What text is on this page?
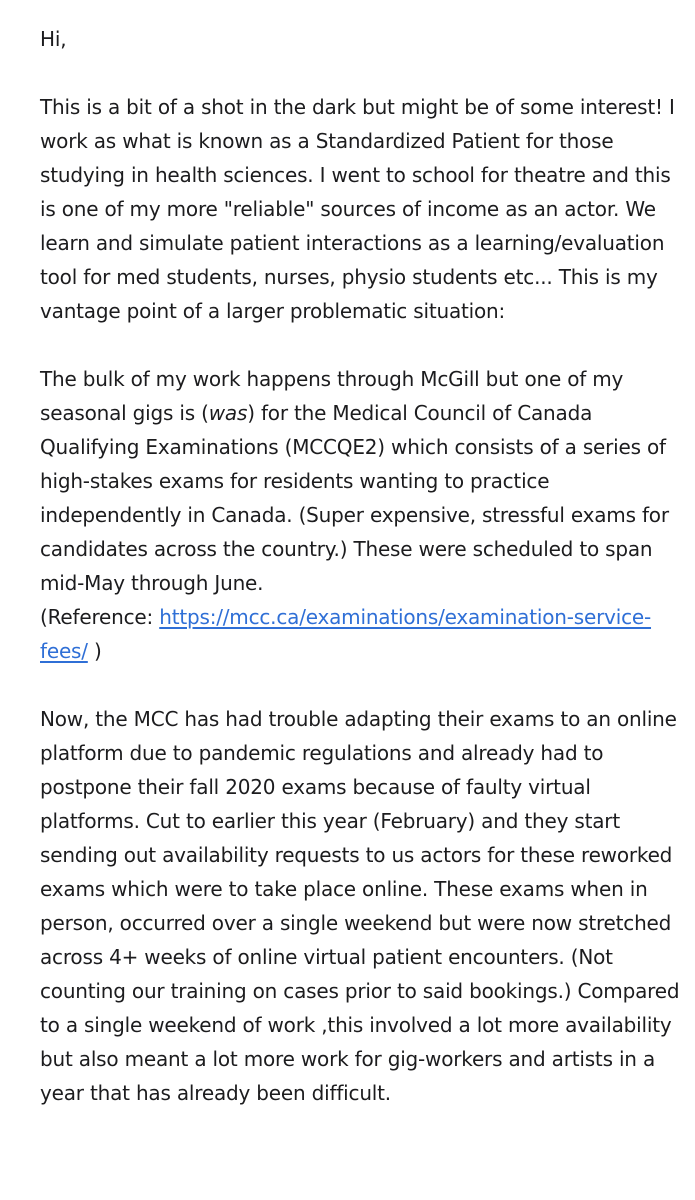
Hi,

This is a bit of a shot in the dark but might be of some interest! I work as what is known as a Standardized Patient for those studying in health sciences. I went to school for theatre and this is one of my more "reliable" sources of income as an actor. We learn and simulate patient interactions as a learning/evaluation tool for med students, nurses, physio students etc... This is my vantage point of a larger problematic situation:

The bulk of my work happens through McGill but one of my seasonal gigs is (was) for the Medical Council of Canada Qualifying Examinations (MCCQE2) which consists of a series of high-stakes exams for residents wanting to practice independently in Canada. (Super expensive, stressful exams for candidates across the country.) These were scheduled to span mid-May through June.
(Reference: https://mcc.ca/examinations/examination-service-fees/ )

Now, the MCC has had trouble adapting their exams to an online platform due to pandemic regulations and already had to postpone their fall 2020 exams because of faulty virtual platforms. Cut to earlier this year (February) and they start sending out availability requests to us actors for these reworked exams which were to take place online. These exams when in person, occurred over a single weekend but were now stretched across 4+ weeks of online virtual patient encounters. (Not counting our training on cases prior to said bookings.) Compared to a single weekend of work ,this involved a lot more availability but also meant a lot more work for gig-workers and artists in a year that has already been difficult.
